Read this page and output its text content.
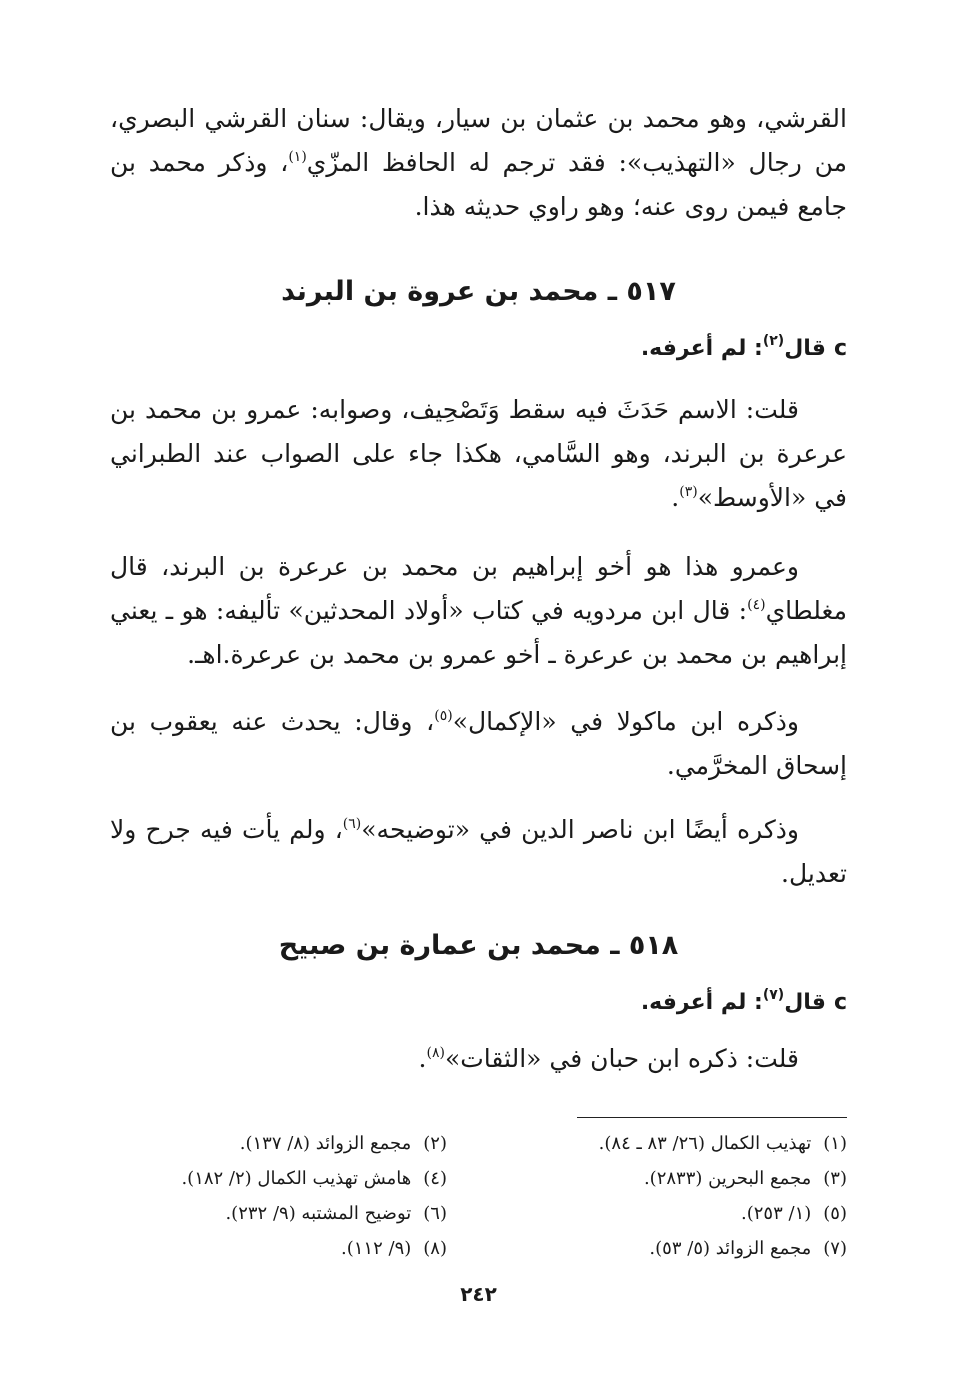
القرشي، وهو محمد بن عثمان بن سيار، ويقال: سنان القرشي البصري، من رجال «التهذيب»: فقد ترجم له الحافظ المزّي$^{(١)}$، وذكر محمد بن جامع فيمن روى عنه؛ وهو راوي حديثه هذا.
٥١٧ ـ محمد بن عروة بن البرند
cقال$^{(٢)}$: لم أعرفه.
قلت: الاسم حَدَثَ فيه سقط وَتَصْحِيف، وصوابه: عمرو بن محمد بن عرعرة بن البرند، وهو السَّامي، هكذا جاء على الصواب عند الطبراني في «الأوسط»$^{(٣)}$.
وعمرو هذا هو أخو إبراهيم بن محمد بن عرعرة بن البرند، قال مغلطاي$^{(٤)}$: قال ابن مردويه في كتاب «أولاد المحدثين» تأليفه: هو ـ يعني إبراهيم بن محمد بن عرعرة ـ أخو عمرو بن محمد بن عرعرة.اهـ.
وذكره ابن ماكولا في «الإكمال»$^{(٥)}$، وقال: يحدث عنه يعقوب بن إسحاق المخرَّمي.
وذكره أيضًا ابن ناصر الدين في «توضيحه»$^{(٦)}$، ولم يأت فيه جرح ولا تعديل.
٥١٨ ـ محمد بن عمارة بن صبيح
cقال$^{(٧)}$: لم أعرفه.
قلت: ذكره ابن حبان في «الثقات»$^{(٨)}$.
(١)تهذيب الكمال (٢٦/ ٨٣ ـ ٨٤).
(٢)مجمع الزوائد (٨/ ١٣٧).
(٣)مجمع البحرين (٢٨٣٣).
(٤)هامش تهذيب الكمال (٢/ ١٨٢).
(٥)(١/ ٢٥٣).
(٦)توضيح المشتبه (٩/ ٢٣٢).
(٧)مجمع الزوائد (٥/ ٥٣).
(٨)(٩/ ١١٢).
٢٤٢
